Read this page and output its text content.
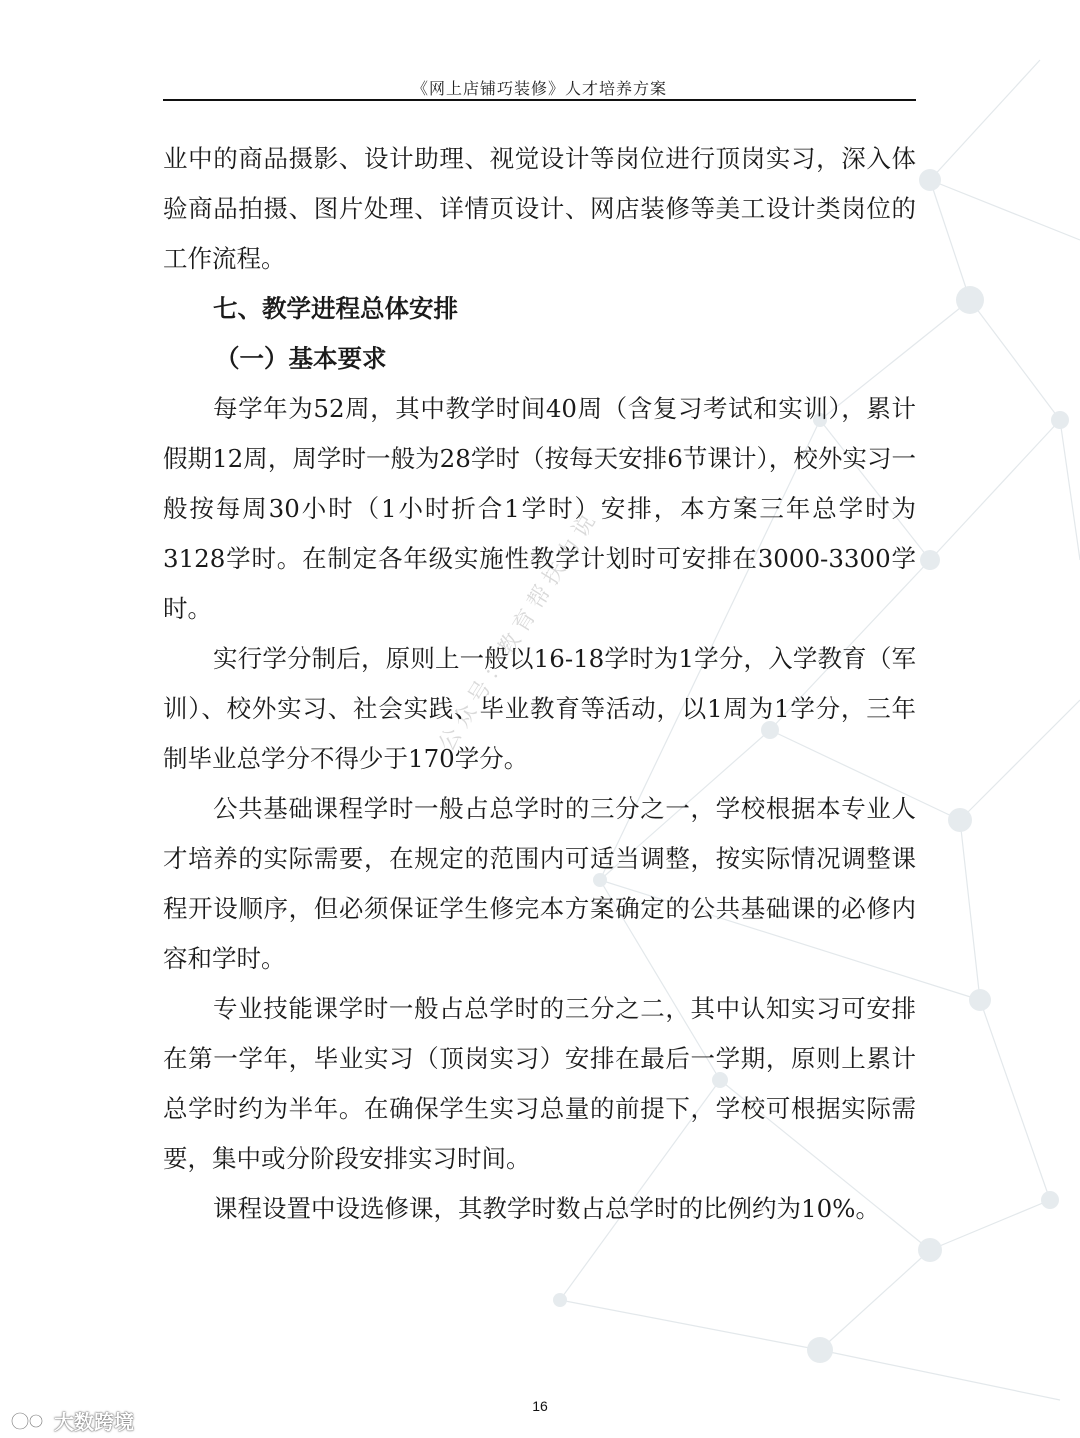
《网上店铺巧装修》人才培养方案
公众号：教育帮扶力说

业中的商品摄影、设计助理、视觉设计等岗位进行顶岗实习，深入体验商品拍摄、图片处理、详情页设计、网店装修等美工设计类岗位的工作流程。

七、教学进程总体安排

（一）基本要求

每学年为52周，其中教学时间40周（含复习考试和实训），累计假期12周，周学时一般为28学时（按每天安排6节课计），校外实习一般按每周30小时（1小时折合1学时）安排，本方案三年总学时为3128学时。在制定各年级实施性教学计划时可安排在3000-3300学时。

实行学分制后，原则上一般以16-18学时为1学分，入学教育（军训）、校外实习、社会实践、毕业教育等活动，以1周为1学分，三年制毕业总学分不得少于170学分。

公共基础课程学时一般占总学时的三分之一，学校根据本专业人才培养的实际需要，在规定的范围内可适当调整，按实际情况调整课程开设顺序，但必须保证学生修完本方案确定的公共基础课的必修内容和学时。

专业技能课学时一般占总学时的三分之二，其中认知实习可安排在第一学年，毕业实习（顶岗实习）安排在最后一学期，原则上累计总学时约为半年。在确保学生实习总量的前提下，学校可根据实际需要，集中或分阶段安排实习时间。

课程设置中设选修课，其教学时数占总学时的比例约为10%。

16
大数跨境
